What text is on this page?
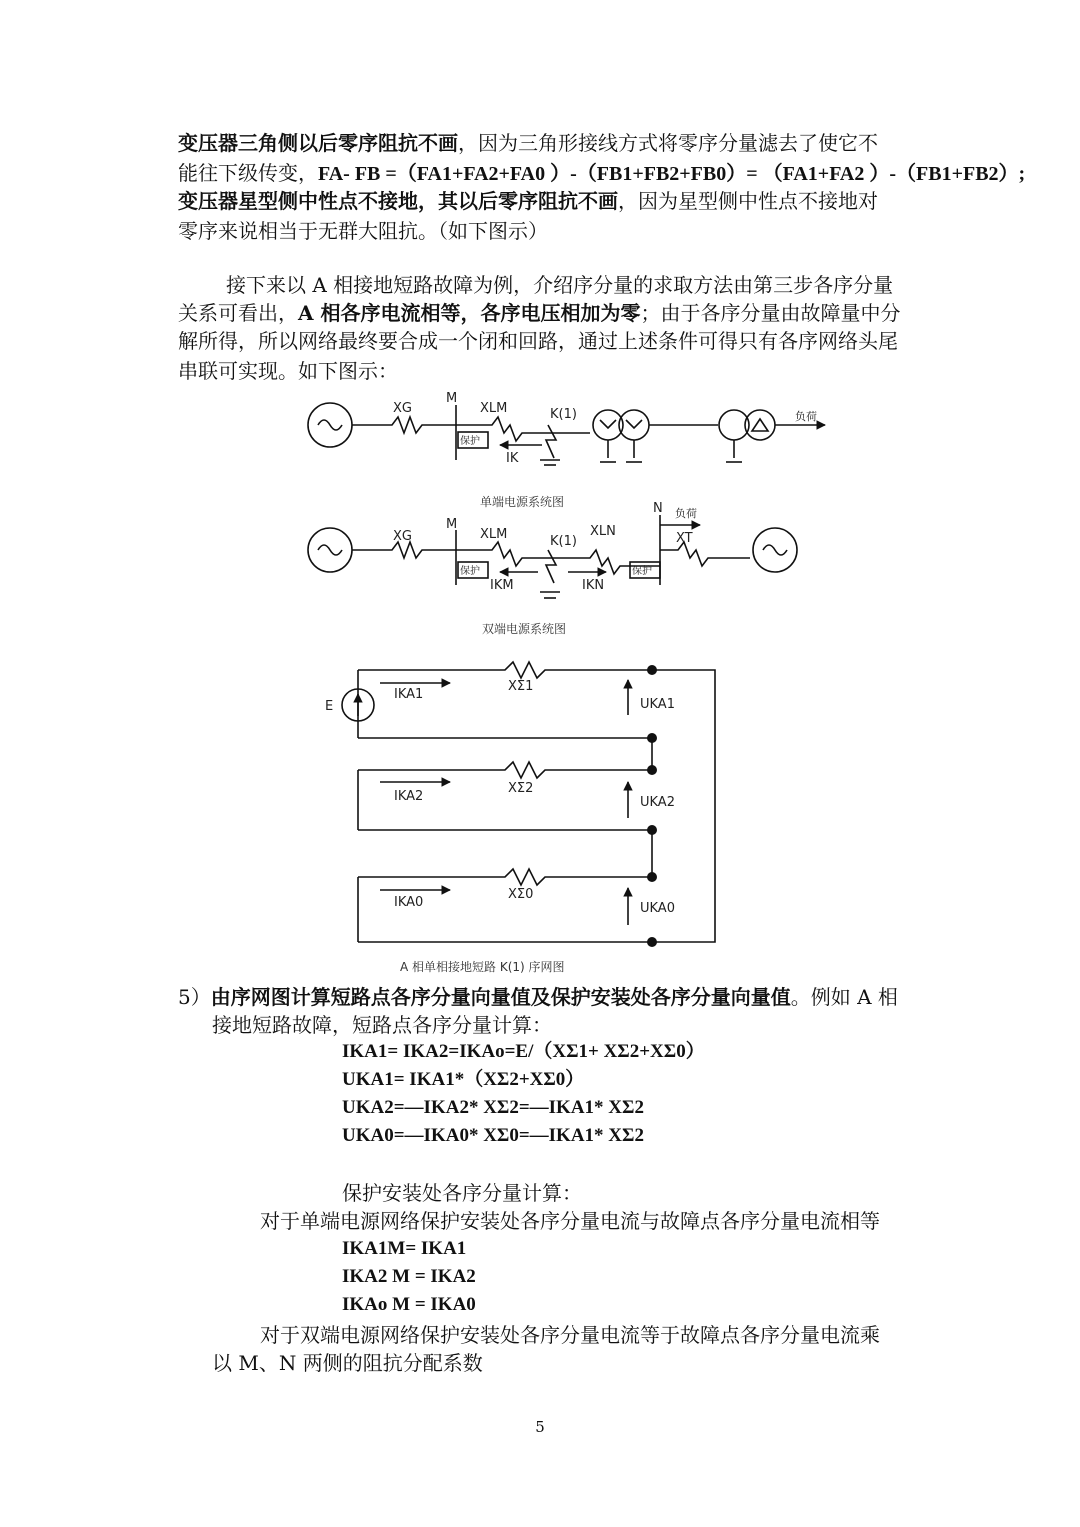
变压器三角侧以后零序阻抗不画，因为三角形接线方式将零序分量滤去了使它不
能往下级传变，FA- FB =（FA1+FA2+FA0 ）-（FB1+FB2+FB0）= （FA1+FA2 ）-（FB1+FB2）;
变压器星型侧中性点不接地，其以后零序阻抗不画，因为星型侧中性点不接地对
零序来说相当于无群大阻抗。（如下图示）
接下来以 A 相接地短路故障为例，介绍序分量的求取方法由第三步各序分量
关系可看出，A 相各序电流相等，各序电压相加为零；由于各序分量由故障量中分
解所得，所以网络最终要合成一个闭和回路，通过上述条件可得只有各序网络头尾
串联可实现。如下图示：
XG
M
XLM	K(1)
保护
IK
负荷
单端电源系统图
XG
M
XLM	K(1)
XLN
N 负荷
XT
保护	保护
IKM	IKN
双端电源系统图
E
IKA1
XΣ1
UKA1
IKA2
XΣ2
UKA2
IKA0
XΣ0
UKA0
A 相单相接地短路 K(1) 序网图
5）由序网图计算短路点各序分量向量值及保护安装处各序分量向量值。例如 A 相
接地短路故障，短路点各序分量计算：
IKA1= IKA2=IKAo=E/（XΣ1+ XΣ2+XΣ0）
UKA1= IKA1*（XΣ2+XΣ0）
UKA2=—IKA2* XΣ2=—IKA1* XΣ2
UKA0=—IKA0* XΣ0=—IKA1* XΣ2
保护安装处各序分量计算：
对于单端电源网络保护安装处各序分量电流与故障点各序分量电流相等
IKA1M= IKA1
IKA2 M = IKA2
IKAo M = IKA0
对于双端电源网络保护安装处各序分量电流等于故障点各序分量电流乘
以 M、N 两侧的阻抗分配系数
5
